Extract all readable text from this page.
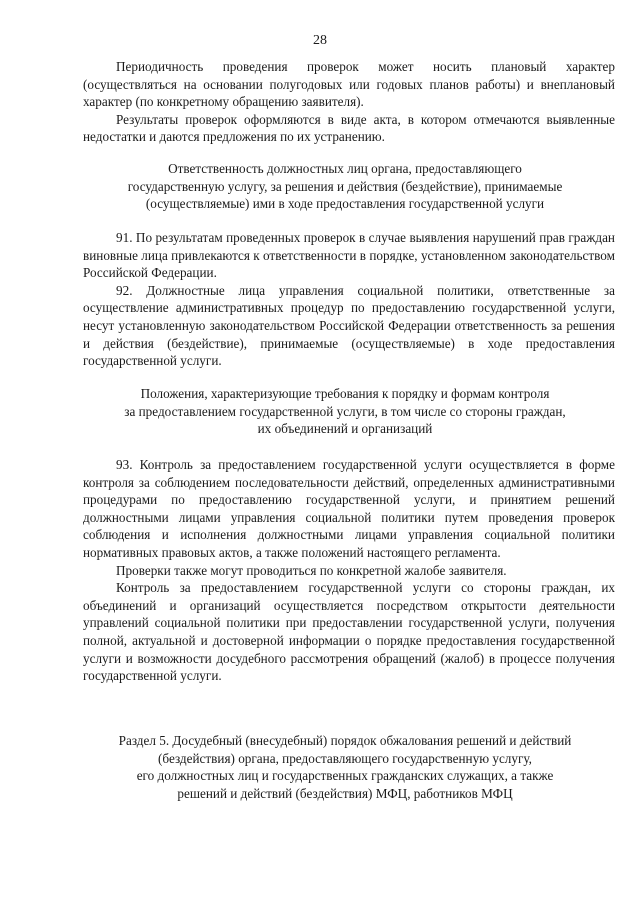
28

Периодичность проведения проверок может носить плановый характер (осуществляться на основании полугодовых или годовых планов работы) и внеплановый характер (по конкретному обращению заявителя).

Результаты проверок оформляются в виде акта, в котором отмечаются выявленные недостатки и даются предложения по их устранению.

Ответственность должностных лиц органа, предоставляющего
государственную услугу, за решения и действия (бездействие), принимаемые
(осуществляемые) ими в ходе предоставления государственной услуги

91. По результатам проведенных проверок в случае выявления нарушений прав граждан виновные лица привлекаются к ответственности в порядке, установленном законодательством Российской Федерации.

92. Должностные лица управления социальной политики, ответственные за осуществление административных процедур по предоставлению государственной услуги, несут установленную законодательством Российской Федерации ответственность за решения и действия (бездействие), принимаемые (осуществляемые) в ходе предоставления государственной услуги.

Положения, характеризующие требования к порядку и формам контроля
за предоставлением государственной услуги, в том числе со стороны граждан,
их объединений и организаций

93. Контроль за предоставлением государственной услуги осуществляется в форме контроля за соблюдением последовательности действий, определенных административными процедурами по предоставлению государственной услуги, и принятием решений должностными лицами управления социальной политики путем проведения проверок соблюдения и исполнения должностными лицами управления социальной политики нормативных правовых актов, а также положений настоящего регламента.

Проверки также могут проводиться по конкретной жалобе заявителя.

Контроль за предоставлением государственной услуги со стороны граждан, их объединений и организаций осуществляется посредством открытости деятельности управлений социальной политики при предоставлении государственной услуги, получения полной, актуальной и достоверной информации о порядке предоставления государственной услуги и возможности досудебного рассмотрения обращений (жалоб) в процессе получения государственной услуги.

Раздел 5. Досудебный (внесудебный) порядок обжалования решений и действий
(бездействия) органа, предоставляющего государственную услугу,
его должностных лиц и государственных гражданских служащих, а также
решений и действий (бездействия) МФЦ, работников МФЦ
